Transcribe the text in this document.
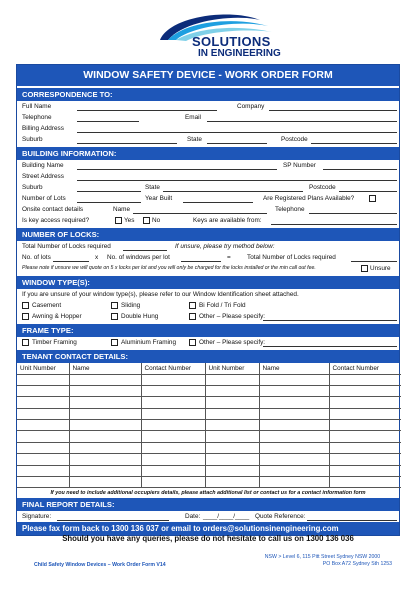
SOLUTIONS
IN ENGINEERING
WINDOW SAFETY DEVICE - WORK ORDER FORM
CORRESPONDENCE TO:
Full Name	Company
Telephone	Email
Billing Address
Suburb	State	Postcode
BUILDING INFORMATION:
Building Name	SP Number
Street Address
Suburb	State	Postcode
Number of Lots	Year Built	Are Registered Plans Available?
Onsite contact details	Name	Telephone
Is key access required?	Yes	No	Keys are available from:
NUMBER OF LOCKS:
Total Number of Locks required	If unsure, please try method below:
No. of lots	x No. of windows per lot	=	Total Number of Locks required
Please note if unsure we will quote on 5 x locks per lot and you will only be charged for the locks installed or the min call out fee.	Unsure
WINDOW TYPE(S):
If you are unsure of your window type(s), please refer to our Window Identification sheet attached.
Casement	Sliding	Bi Fold / Tri Fold
Awning & Hopper	Double Hung	Other – Please specify:
FRAME TYPE:
Timber Framing	Aluminium Framing	Other – Please specify:
TENANT CONTACT DETAILS:
Unit Number	Name	Contact Number	Unit Number	Name	Contact Number

If you need to include additional occupiers details, please attach additional list or contact us for a contact information form
FINAL REPORT DETAILS:
Signature:	Date: ____/____/____ Quote Reference:
Please fax form back to 1300 136 037 or email to orders@solutionsinengineering.com
Should you have any queries, please do not hesitate to call us on 1300 136 036
Child Safety Window Devices – Work Order Form V14
NSW > Level 6, 115 Pitt Street Sydney NSW 2000
PO Box A72 Sydney Sth 1253
